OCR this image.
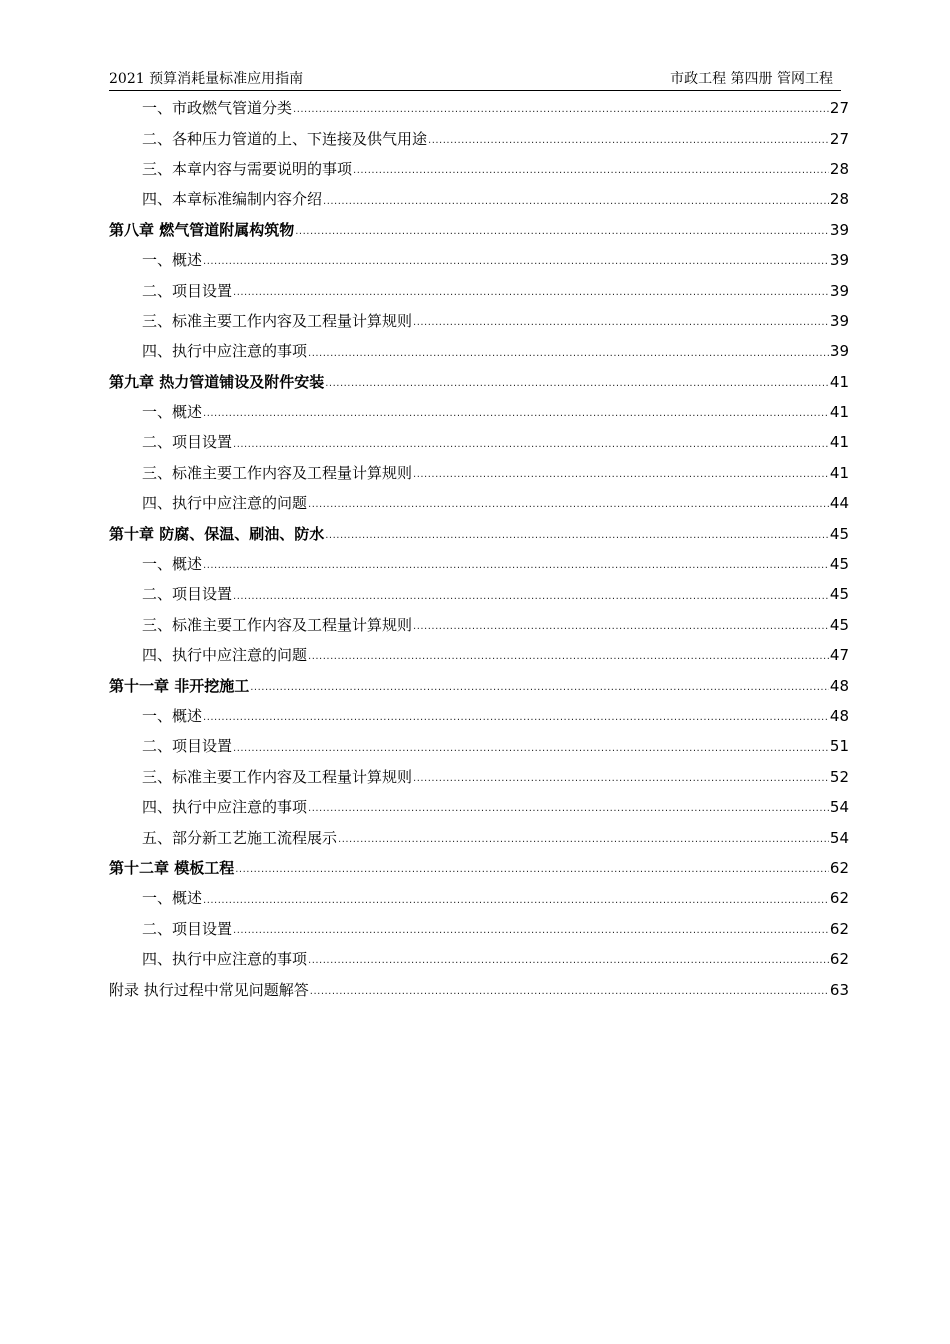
2021 预算消耗量标准应用指南	市政工程 第四册 管网工程
一、市政燃气管道分类 .....	27
二、各种压力管道的上、下连接及供气用途 .....	27
三、本章内容与需要说明的事项 .....	28
四、本章标准编制内容介绍 .....	28
第八章 燃气管道附属构筑物 .....	39
一、概述 .....	39
二、项目设置 .....	39
三、标准主要工作内容及工程量计算规则 .....	39
四、执行中应注意的事项 .....	39
第九章 热力管道铺设及附件安装 .....	41
一、概述 .....	41
二、项目设置 .....	41
三、标准主要工作内容及工程量计算规则 .....	41
四、执行中应注意的问题 .....	44
第十章 防腐、保温、刷油、防水 .....	45
一、概述 .....	45
二、项目设置 .....	45
三、标准主要工作内容及工程量计算规则 .....	45
四、执行中应注意的问题 .....	47
第十一章 非开挖施工 .....	48
一、概述 .....	48
二、项目设置 .....	51
三、标准主要工作内容及工程量计算规则 .....	52
四、执行中应注意的事项 .....	54
五、部分新工艺施工流程展示 .....	54
第十二章 模板工程 .....	62
一、概述 .....	62
二、项目设置 .....	62
四、执行中应注意的事项 .....	62
附录 执行过程中常见问题解答 .....	63
